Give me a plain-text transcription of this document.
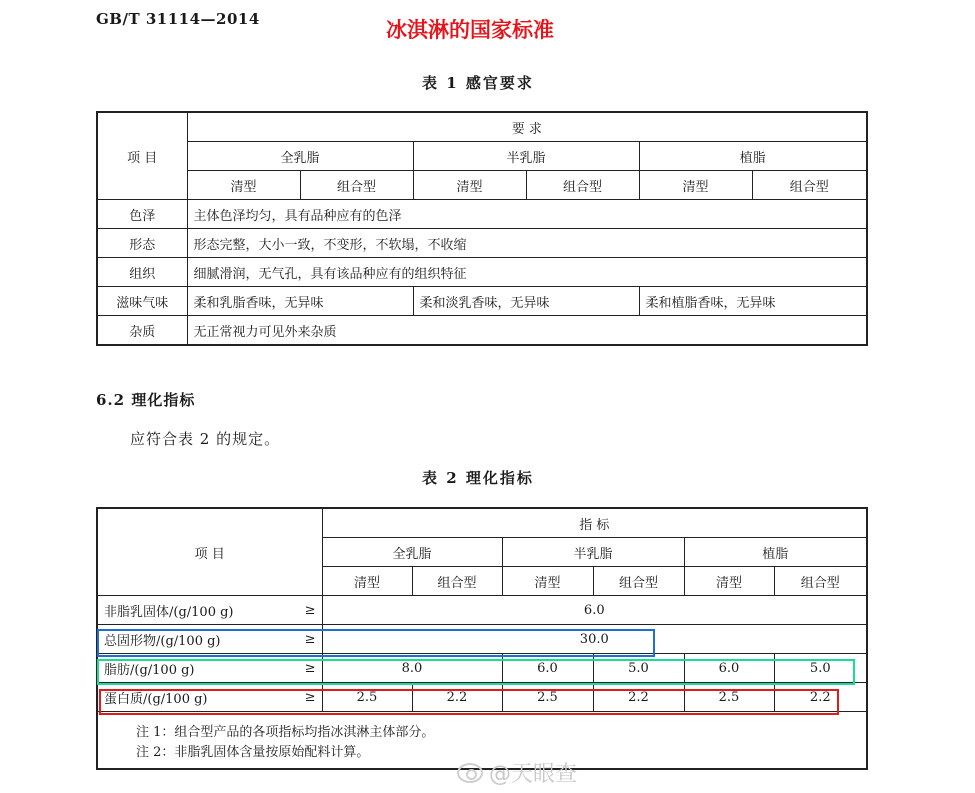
GB/T 31114—2014	冰淇淋的国家标准
表 1 感官要求
项 目	要 求					
	全乳脂		半乳脂		植脂	
	清型	组合型	清型	组合型	清型	组合型
色泽	主体色泽均匀，具有品种应有的色泽					
形态	形态完整，大小一致，不变形，不软塌，不收缩					
组织	细腻滑润，无气孔，具有该品种应有的组织特征					
滋味气味	柔和乳脂香味，无异味		柔和淡乳香味，无异味		柔和植脂香味，无异味	
杂质	无正常视力可见外来杂质					
6.2 理化指标
应符合表 2 的规定。
表 2 理化指标
项 目	指 标					
	全乳脂		半乳脂		植脂	
	清型	组合型	清型	组合型	清型	组合型

非脂乳固体/(g/100 g) ≥	6.0					

总固形物/(g/100 g) ≥	30.0					

脂肪/(g/100 g) ≥	8.0		6.0	5.0	6.0	5.0

蛋白质/(g/100 g) ≥	2.5	2.2	2.5	2.2	2.5	2.2
注 1：组合型产品的各项指标均指冰淇淋主体部分。						
注 2：非脂乳固体含量按原始配料计算。						
@天眼查
